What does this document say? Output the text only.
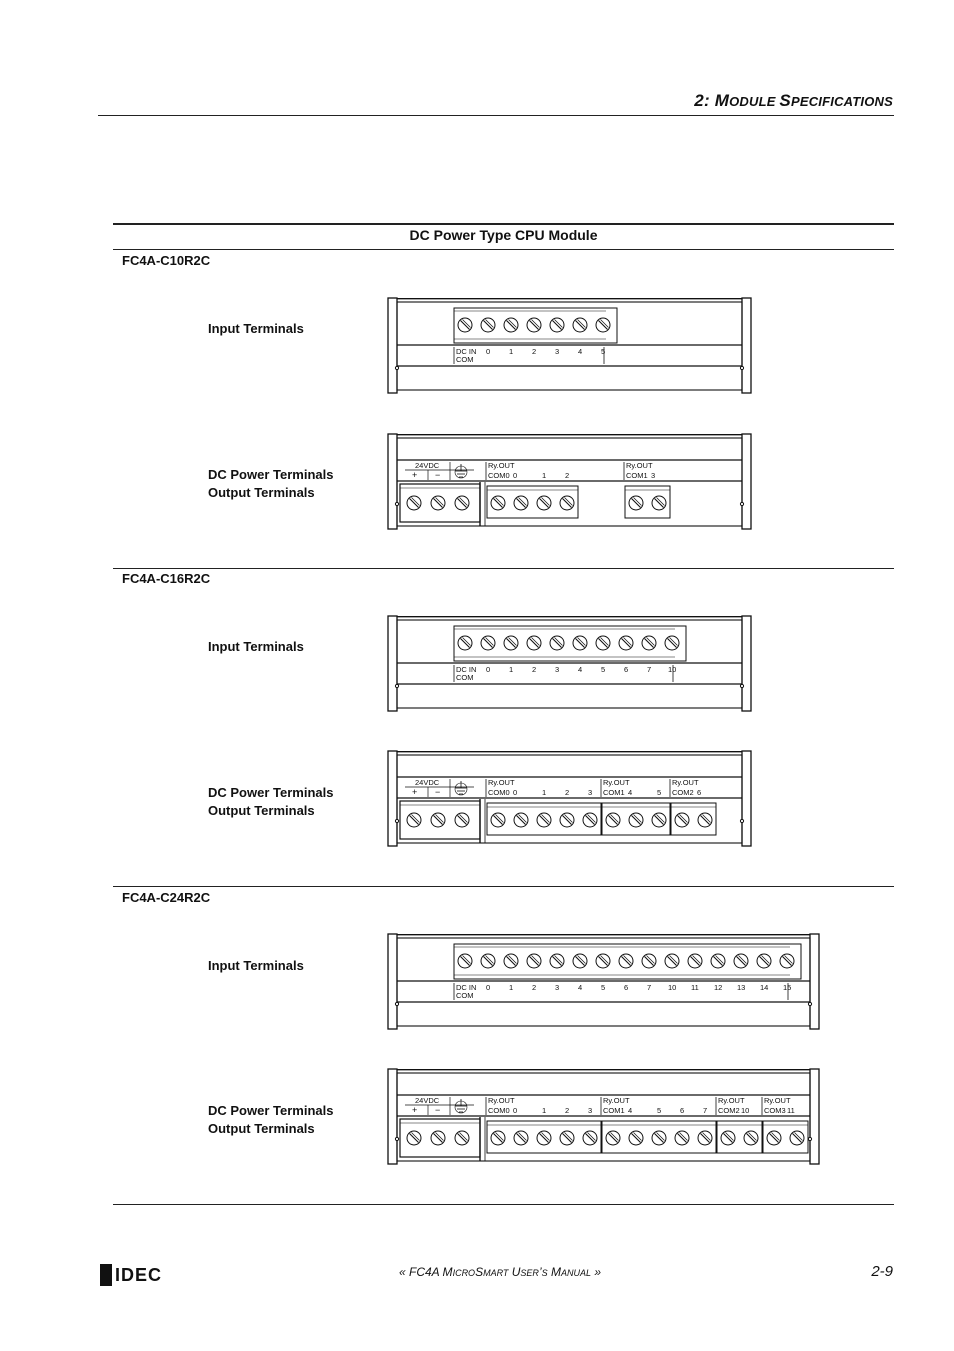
2: MODULE SPECIFICATIONS
DC Power Type CPU Module
FC4A-C10R2C
Input Terminals
DC IN
COM
0	1	2	3	4	5
DC Power Terminals
Output Terminals
24VDC
+ −
Ry.OUT
COM0 0	1	2
Ry.OUT
COM1 3
FC4A-C16R2C
Input Terminals
DC IN
COM
0	1	2	3	4	5	6	7 10
DC Power Terminals
Output Terminals
24VDC
+ −
Ry.OUT
COM0 0	1	2	3
Ry.OUT
COM1 4	5
Ry.OUT
COM2 6
FC4A-C24R2C
Input Terminals
DC IN
COM
0	1	2	3	4	5	6	7 10 11 12 13 14 15
DC Power Terminals
Output Terminals
24VDC
+ −
Ry.OUT
COM0 0	1	2	3
Ry.OUT
COM1 4	5	6	7
Ry.OUT
COM2 10
Ry.OUT
COM3 11
IDEC	« FC4A MICROSMART USER’S MANUAL »	2-9
